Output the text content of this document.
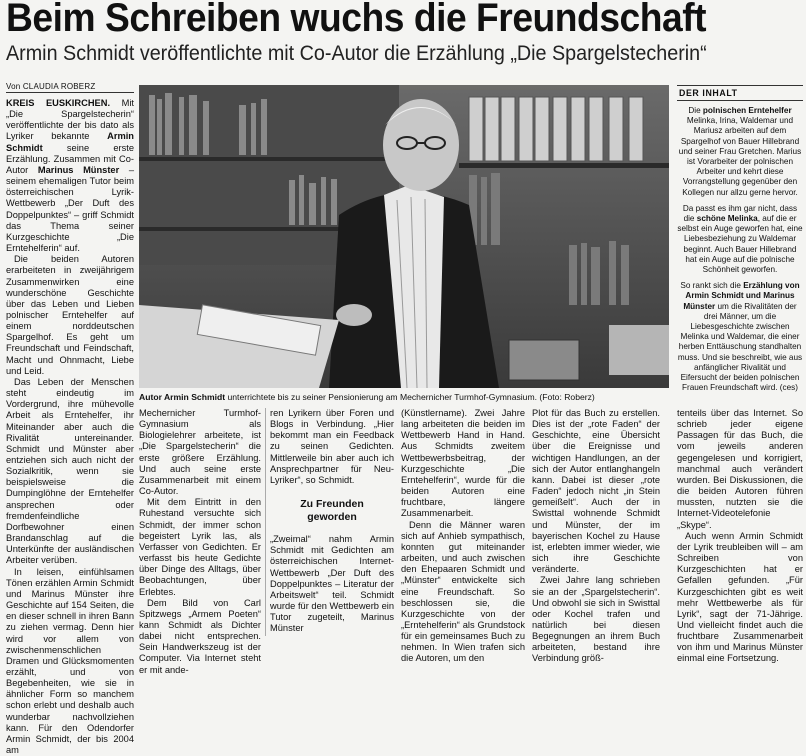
Beim Schreiben wuchs die Freundschaft
Armin Schmidt veröffentlichte mit Co-Autor die Erzählung „Die Spargelstecherin“
Von CLAUDIA ROBERZ

KREIS EUSKIRCHEN. Mit „Die Spargelstecherin“ veröffentlichte der bis dato als Lyriker bekannte Armin Schmidt seine erste Erzählung. Zusammen mit Co-Autor Marinus Münster – seinem ehemaligen Tutor beim österreichischen Lyrik-Wettbewerb „Der Duft des Doppelpunktes“ – griff Schmidt das Thema seiner Kurzgeschichte „Die Erntehelferin“ auf.

Die beiden Autoren erarbeiteten in zweijährigem Zusammenwirken eine wunderschöne Geschichte über das Leben und Lieben polnischer Erntehelfer auf einem norddeutschen Spargelhof. Es geht um Freundschaft und Feindschaft, Macht und Ohnmacht, Liebe und Leid.

Das Leben der Menschen steht eindeutig im Vordergrund, ihre mühevolle Arbeit als Erntehelfer, ihr Miteinander aber auch die Rivalität untereinander. Schmidt und Münster aber entziehen sich auch nicht der Sozialkritik, wenn sie beispielsweise die Dumpinglöhne der Erntehelfer ansprechen oder fremdenfeindliche Dorfbewohner einen Brandanschlag auf die Unterkünfte der ausländischen Arbeiter verüben.

In leisen, einfühlsamen Tönen erzählen Armin Schmidt und Marinus Münster ihre Geschichte auf 154 Seiten, die en dieser schnell in ihren Bann zu ziehen vermag. Denn hier wird vor allem von zwischenmenschlichen Dramen und Glücksmomenten erzählt, und von Begebenheiten, wie sie in ähnlicher Form so manchem schon erlebt und deshalb auch wunderbar nachvollziehen kann. Für den Odendorfer Armin Schmidt, der bis 2004 am

Autor Armin Schmidt unterrichtete bis zu seiner Pensionierung am Mechernicher Turmhof-Gymnasium. (Foto: Roberz)
DER INHALT

Die polnischen Erntehelfer Melinka, Irina, Waldemar und Mariusz arbeiten auf dem Spargelhof von Bauer Hillebrand und seiner Frau Gretchen. Marius ist Vorarbeiter der polnischen Arbeiter und kehrt diese Vorrangstellung gegenüber den Kollegen nur allzu gerne hervor.

Da passt es ihm gar nicht, dass die schöne Melinka, auf die er selbst ein Auge geworfen hat, eine Liebesbeziehung zu Waldemar beginnt. Auch Bauer Hillebrand hat ein Auge auf die polnische Schönheit geworfen.

So rankt sich die Erzählung von Armin Schmidt und Marinus Münster um die Rivalitäten der drei Männer, um die Liebesgeschichte zwischen Melinka und Waldemar, die einer herben Enttäuschung standhalten muss. Und sie beschreibt, wie aus anfänglicher Rivalität und Eifersucht der beiden polnischen Frauen Freundschaft wird. (ces)

Mechernicher Turmhof-Gymnasium als Biologielehrer arbeitete, ist „Die Spargelstecherin“ die erste größere Erzählung. Und auch seine erste Zusammenarbeit mit einem Co-Autor.

Mit dem Eintritt in den Ruhestand versuchte sich Schmidt, der immer schon begeistert Lyrik las, als Verfasser von Gedichten. Er verfasst bis heute Gedichte über Dinge des Alltags, über Beobachtungen, über Erlebtes.

Dem Bild von Carl Spitzwegs „Armem Poeten“ kann Schmidt als Dichter dabei nicht entsprechen. Sein Handwerkszeug ist der Computer. Via Internet steht er mit ande-

ren Lyrikern über Foren und Blogs in Verbindung. „Hier bekommt man ein Feedback zu seinen Gedichten. Mittlerweile bin aber auch ich Ansprechpartner für Neu-Lyriker“, so Schmidt.

Zu Freunden
geworden

„Zweimal“ nahm Armin Schmidt mit Gedichten am österreichischen Internet-Wettbewerb „Der Duft des Doppelpunktes – Literatur der Arbeitswelt“ teil. Schmidt wurde für den Wettbewerb ein Tutor zugeteilt, Marinus Münster

(Künstlername). Zwei Jahre lang arbeiteten die beiden im Wettbewerb Hand in Hand. Aus Schmidts zweitem Wettbewerbsbeitrag, der Kurzgeschichte „Die Erntehelferin“, wurde für die beiden Autoren eine fruchtbare, längere Zusammenarbeit.

Denn die Männer waren sich auf Anhieb sympathisch, konnten gut miteinander arbeiten, und auch zwischen den Ehepaaren Schmidt und „Münster“ entwickelte sich eine Freundschaft. So beschlossen sie, die Kurzgeschichte von der „Erntehelferin“ als Grundstock für ein gemeinsames Buch zu nehmen. In Wien trafen sich die Autoren, um den

Plot für das Buch zu erstellen. Dies ist der „rote Faden“ der Geschichte, eine Übersicht über die Ereignisse und wichtigen Handlungen, an der sich der Autor entlanghangeln kann. Dabei ist dieser „rote Faden“ jedoch nicht „in Stein gemeißelt“. Auch der in Swisttal wohnende Schmidt und Münster, der im bayerischen Kochel zu Hause ist, erlebten immer wieder, wie sich ihre Geschichte veränderte.

Zwei Jahre lang schrieben sie an der „Spargelstecherin“. Und obwohl sie sich in Swisttal oder Kochel trafen und natürlich bei diesen Begegnungen an ihrem Buch arbeiteten, bestand ihre Verbindung größ-

tenteils über das Internet. So schrieb jeder eigene Passagen für das Buch, die vom jeweils anderen gegengelesen und korrigiert, manchmal auch verändert wurden. Bei Diskussionen, die die beiden Autoren führen mussten, nutzten sie die Internet-Videotelefonie „Skype“.

Auch wenn Armin Schmidt der Lyrik treubleiben will – am Schreiben von Kurzgeschichten hat er Gefallen gefunden. „Für Kurzgeschichten gibt es weit mehr Wettbewerbe als für Lyrik“, sagt der 71-Jährige. Und vielleicht findet auch die fruchtbare Zusammenarbeit von ihm und Marinus Münster einmal eine Fortsetzung.
